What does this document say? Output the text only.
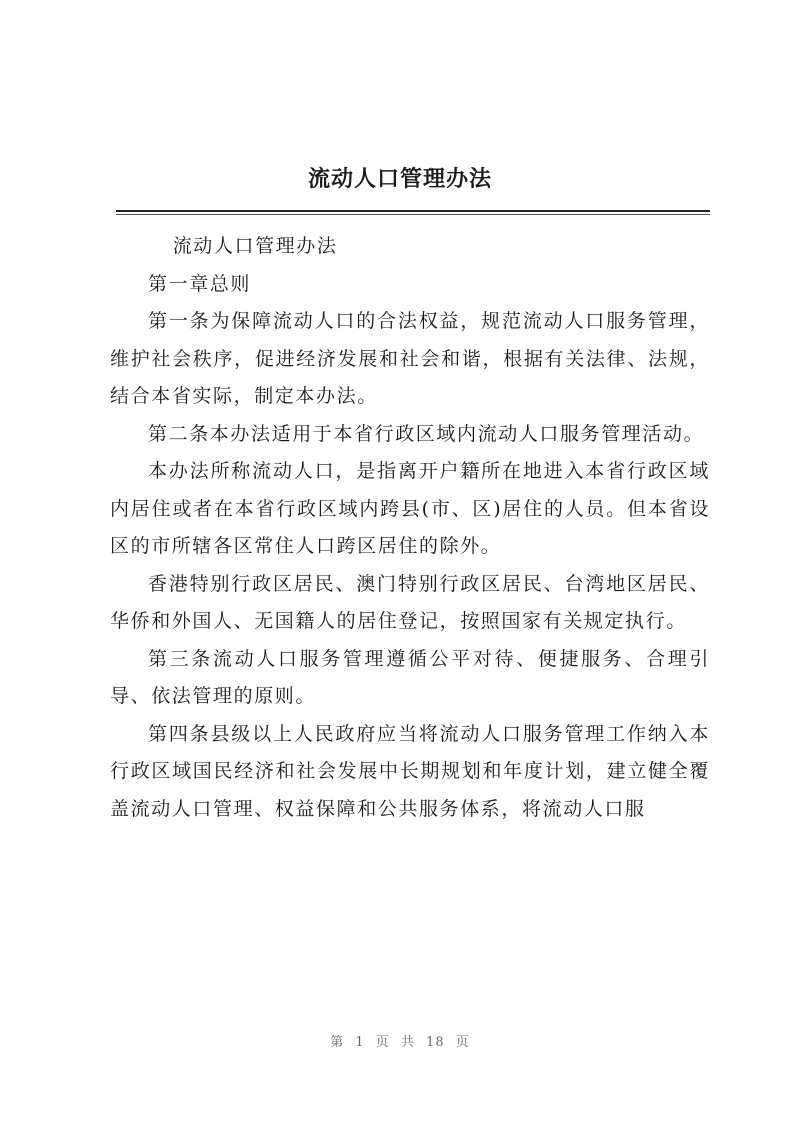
流动人口管理办法

流动人口管理办法

第一章总则

第一条为保障流动人口的合法权益，规范流动人口服务管理，维护社会秩序，促进经济发展和社会和谐，根据有关法律、法规，结合本省实际，制定本办法。

第二条本办法适用于本省行政区域内流动人口服务管理活动。

本办法所称流动人口，是指离开户籍所在地进入本省行政区域内居住或者在本省行政区域内跨县(市、区)居住的人员。但本省设区的市所辖各区常住人口跨区居住的除外。

香港特别行政区居民、澳门特别行政区居民、台湾地区居民、华侨和外国人、无国籍人的居住登记，按照国家有关规定执行。

第三条流动人口服务管理遵循公平对待、便捷服务、合理引导、依法管理的原则。

第四条县级以上人民政府应当将流动人口服务管理工作纳入本行政区域国民经济和社会发展中长期规划和年度计划，建立健全覆盖流动人口管理、权益保障和公共服务体系，将流动人口服

第 1 页 共 18 页
